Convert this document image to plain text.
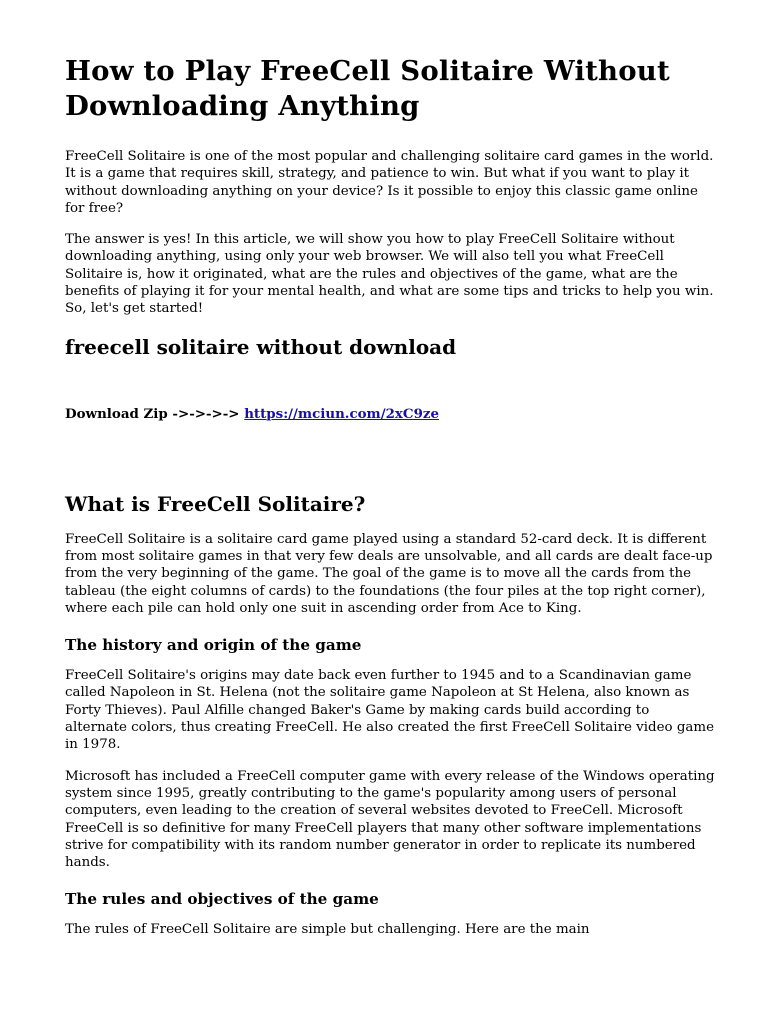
How to Play FreeCell Solitaire Without Downloading Anything

FreeCell Solitaire is one of the most popular and challenging solitaire card games in the world. It is a game that requires skill, strategy, and patience to win. But what if you want to play it without downloading anything on your device? Is it possible to enjoy this classic game online for free?

The answer is yes! In this article, we will show you how to play FreeCell Solitaire without downloading anything, using only your web browser. We will also tell you what FreeCell Solitaire is, how it originated, what are the rules and objectives of the game, what are the benefits of playing it for your mental health, and what are some tips and tricks to help you win. So, let's get started!

freecell solitaire without download
Download Zip ->->->-> https://mciun.com/2xC9ze
What is FreeCell Solitaire?

FreeCell Solitaire is a solitaire card game played using a standard 52-card deck. It is different from most solitaire games in that very few deals are unsolvable, and all cards are dealt face-up from the very beginning of the game. The goal of the game is to move all the cards from the tableau (the eight columns of cards) to the foundations (the four piles at the top right corner), where each pile can hold only one suit in ascending order from Ace to King.

The history and origin of the game

FreeCell Solitaire's origins may date back even further to 1945 and to a Scandinavian game called Napoleon in St. Helena (not the solitaire game Napoleon at St Helena, also known as Forty Thieves). Paul Alfille changed Baker's Game by making cards build according to alternate colors, thus creating FreeCell. He also created the first FreeCell Solitaire video game in 1978.

Microsoft has included a FreeCell computer game with every release of the Windows operating system since 1995, greatly contributing to the game's popularity among users of personal computers, even leading to the creation of several websites devoted to FreeCell. Microsoft FreeCell is so definitive for many FreeCell players that many other software implementations strive for compatibility with its random number generator in order to replicate its numbered hands.

The rules and objectives of the game

The rules of FreeCell Solitaire are simple but challenging. Here are the main
